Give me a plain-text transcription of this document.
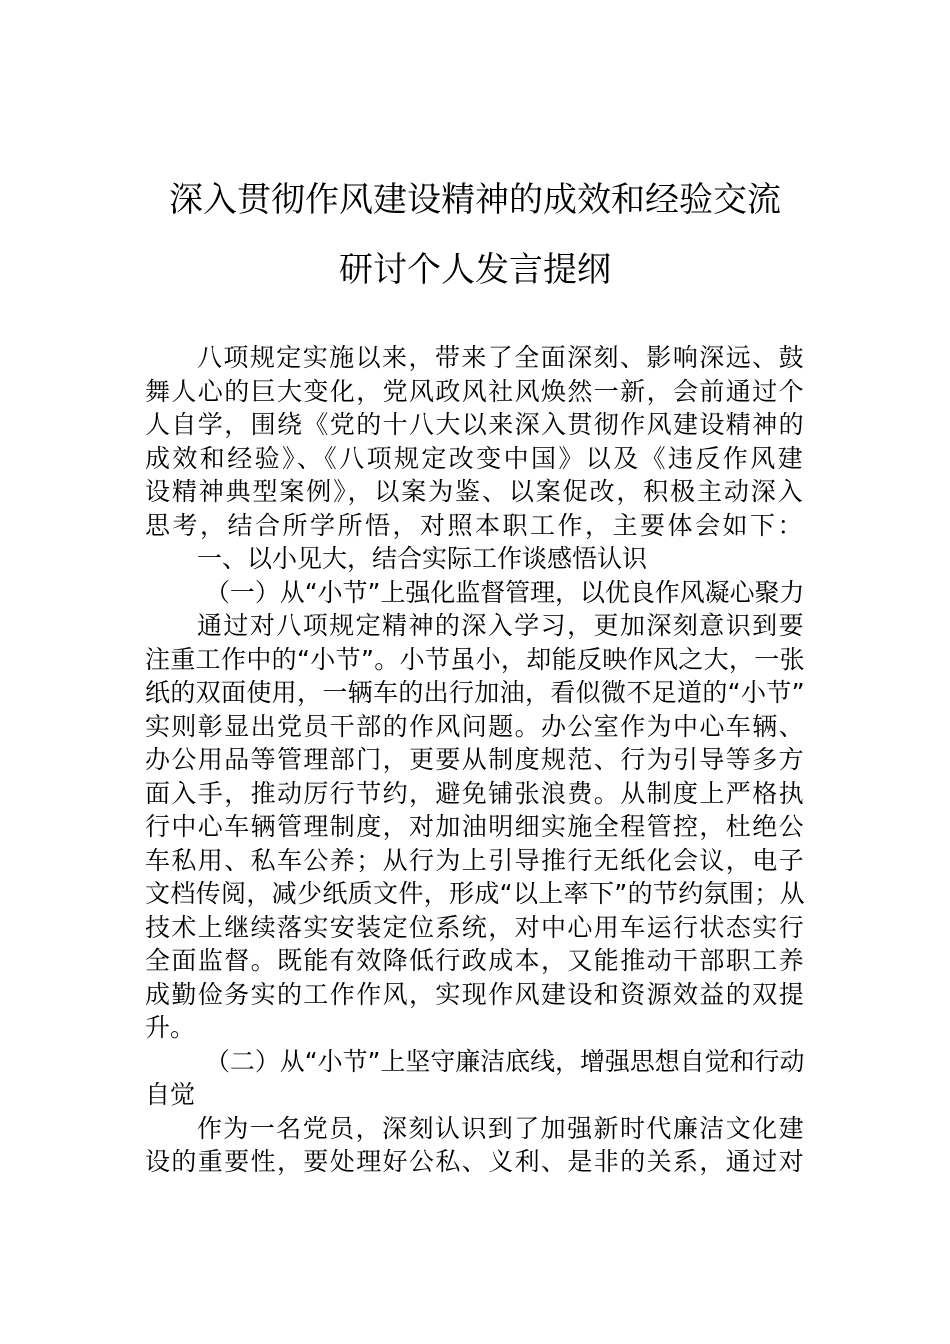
深入贯彻作风建设精神的成效和经验交流
研讨个人发言提纲
八项规定实施以来，带来了全面深刻、影响深远、鼓
舞人心的巨大变化，党风政风社风焕然一新，会前通过个
人自学，围绕《党的十八大以来深入贯彻作风建设精神的
成效和经验》、《八项规定改变中国》以及《违反作风建
设精神典型案例》，以案为鉴、以案促改，积极主动深入
思考，结合所学所悟，对照本职工作，主要体会如下：
一、以小见大，结合实际工作谈感悟认识
（一）从“小节”上强化监督管理，以优良作风凝心聚力
通过对八项规定精神的深入学习，更加深刻意识到要
注重工作中的“小节”。小节虽小，却能反映作风之大，一张
纸的双面使用，一辆车的出行加油，看似微不足道的“小节”
实则彰显出党员干部的作风问题。办公室作为中心车辆、
办公用品等管理部门，更要从制度规范、行为引导等多方
面入手，推动厉行节约，避免铺张浪费。从制度上严格执
行中心车辆管理制度，对加油明细实施全程管控，杜绝公
车私用、私车公养；从行为上引导推行无纸化会议，电子
文档传阅，减少纸质文件，形成“以上率下”的节约氛围；从
技术上继续落实安装定位系统，对中心用车运行状态实行
全面监督。既能有效降低行政成本，又能推动干部职工养
成勤俭务实的工作作风，实现作风建设和资源效益的双提
升。
（二）从“小节”上坚守廉洁底线，增强思想自觉和行动
自觉
作为一名党员，深刻认识到了加强新时代廉洁文化建
设的重要性，要处理好公私、义利、是非的关系，通过对
